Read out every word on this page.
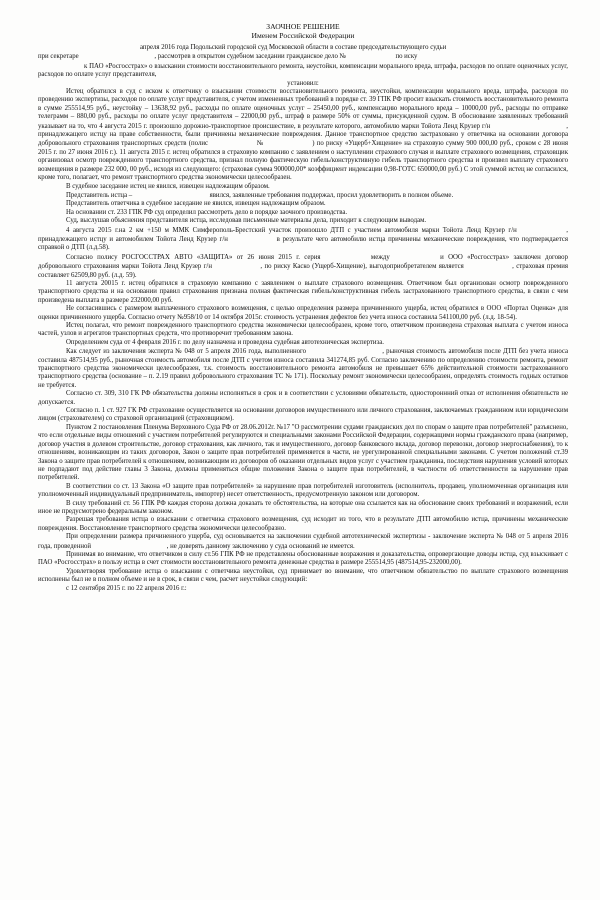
ЗАОЧНОЕ РЕШЕНИЕ
Именем Российской Федерации

апреля 2016 года Подольский городской суд Московской области в составе председательствующего судьи
при секретаре	, рассмотрев в открытом судебном заседании гражданское дело №	по иску
к ПАО «Росгосстрах» о взыскании стоимости восстановительного ремонта, неустойки, компенсации морального вреда, штрафа, расходов по оплате оценочных услуг, расходов по оплате услуг представителя,

установил:

Истец обратился в суд с иском к ответчику о взыскании стоимости восстановительного ремонта, неустойки, компенсации морального вреда, штрафа, расходов по проведению экспертизы, расходов по оплате услуг представителя, с учетом измененных требований в порядке ст. 39 ГПК РФ просит взыскать стоимость восстановительного ремонта в сумме 255514,95 руб., неустойку – 13638,92 руб., расходы по оплате оценочных услуг – 25450,00 руб., компенсацию морального вреда – 10000,00 руб., расходы по отправке телеграмм – 880,00 руб., расходы по оплате услуг представителя – 22000,00 руб., штраф в размере 50% от суммы, присужденной судом. В обоснование заявленных требований указывает на то, что 4 августа 2015 г. произошло дорожно-транспортное происшествие, в результате которого, автомобилю марки Тойота Ленд Крузер г/н	, принадлежащего истцу на праве собственности, были причинены механические повреждения. Данное транспортное средство застраховано у ответчика на основании договора добровольного страхования транспортных средств (полис	№	) по риску «Ущерб+Хищение» на страховую сумму 900 000,00 руб., сроком с 28 июня 2015 г. по 27 июня 2016 г.). 11 августа 2015 г. истец обратился в страховую компанию с заявлением о наступлении страхового случая и выплате страхового возмещения, страховщик организовал осмотр поврежденного транспортного средства, признал полную фактическую гибель/конструктивную гибель транспортного средства и произвел выплату страхового возмещения в размере 232 000, 00 руб., исходя из следующего: (страховая сумма 900000,00* коэффициент индексации 0,98-ГОТС 650000,00 руб.) С этой суммой истец не согласился, кроме того, полагает, что ремонт транспортного средства экономически целесообразен.

В судебное заседание истец не явился, извещен надлежащим образом.

Представитель истца –	явился, заявленные требования поддержал, просил удовлетворить в полном объеме.

Представитель ответчика в судебное заседание не явился, извещен надлежащим образом.

На основании ст. 233 ГПК РФ суд определил рассмотреть дело в порядке заочного производства.

Суд, выслушав объяснения представителя истца, исследовав письменные материалы дела, приходит к следующим выводам.

4 августа 2015 г.на 2 км +150 м ММК Симферополь-Брестский участок произошло ДТП с участием автомобиля марки Тойота Ленд Крузер г/н	, принадлежащего истцу и автомобилем Тойота Ленд Крузер г/н	в результате чего автомобилю истца причинены механические повреждения, что подтверждается справкой о ДТП (л.д.58).

Согласно полису РОСГОССТРАХ АВТО «ЗАЩИТА» от 26 июня 2015 г. серия	между	и ООО «Росгосстрах» заключен договор добровольного страхования марки Тойота Ленд Крузер г/н	, по риску Каско (Ущерб-Хищение), выгодоприобретателем является	, страховая премия составляет 62509,80 руб. (л.д. 59).

11 августа 20015 г. истец обратился в страховую компанию с заявлением о выплате страхового возмещения. Ответчиком был организован осмотр поврежденного транспортного средства и на основании правил страхования признана полная фактическая гибель/конструктивная гибель застрахованного транспортного средства, в связи с чем произведена выплата в размере 232000,00 руб.

Не согласившись с размером выплаченного страхового возмещения, с целью определения размера причиненного ущерба, истец обратился в ООО «Портал Оценка» для оценки причиненного ущерба. Согласно отчету №958/10 от 14 октября 2015г. стоимость устранения дефектов без учета износа составила 541100,00 руб. (л.д. 18-54).

Истец полагал, что ремонт поврежденного транспортного средства экономически целесообразен, кроме того, ответчиком произведена страховая выплата с учетом износа частей, узлов и агрегатов транспортных средств, что противоречит требованиям закона.

Определением суда от 4 февраля 2016 г. по делу назначена и проведена судебная автотехническая экспертиза.

Как следует из заключения эксперта № 048 от 5 апреля 2016 года, выполненного	, рыночная стоимость автомобиля после ДТП без учета износа составила 487514,95 руб., рыночная стоимость автомобиля после ДТП с учетом износа составила 341274,85 руб. Согласно заключению по определению стоимости ремонта, ремонт транспортного средства экономически целесообразен, т.к. стоимость восстановительного ремонта автомобиля не превышает 65% действительной стоимости застрахованного транспортного средства (основание – п. 2.19 правил добровольного страхования ТС № 171). Поскольку ремонт экономически целесообразен, определять стоимость годных остатков не требуется.

Согласно ст. 309, 310 ГК РФ обязательства должны исполняться в срок и в соответствии с условиями обязательств, одностороннний отказ от исполнения обязательств не допускается.

Согласно п. 1 ст. 927 ГК РФ страхование осуществляется на основании договоров имущественного или личного страхования, заключаемых гражданином или юридическим лицом (страхователем) со страховой организацией (страховщиком).

Пунктом 2 постановления Пленума Верховного Суда РФ от 28.06.2012г. №17 "О рассмотрении судами гражданских дел по спорам о защите прав потребителей" разъяснено, что если отдельные виды отношений с участием потребителей регулируются и специальными законами Российской Федерации, содержащими нормы гражданского права (например, договор участия в долевом строительстве, договор страхования, как личного, так и имущественного, договор банковского вклада, договор перевозки, договор энергоснабжения), то к отношениям, возникающим из таких договоров, Закон о защите прав потребителей применяется в части, не урегулированной специальными законами. С учетом положений ст.39 Закона о защите прав потребителей к отношениям, возникающим из договоров об оказании отдельных видов услуг с участием гражданина, последствия нарушения условий которых не подпадают под действие главы 3 Закона, должны применяться общие положения Закона о защите прав потребителей, в частности об ответственности за нарушение прав потребителей.

В соответствии со ст. 13 Закона «О защите прав потребителей» за нарушение прав потребителей изготовитель (исполнитель, продавец, уполномоченная организация или уполномоченный индивидуальный предприниматель, импортер) несет ответственность, предусмотренную законом или договором.

В силу требований ст. 56 ГПК РФ каждая сторона должна доказать те обстоятельства, на которые она ссылается как на обоснование своих требований и возражений, если иное не предусмотрено федеральным законом.

Разрешая требования истца о взыскании с ответчика страхового возмещения, суд исходит из того, что в результате ДТП автомобилю истца, причинены механические повреждения. Восстановление транспортного средства экономически целесообразно.

При определении размера причиненного ущерба, суд основывается на заключении судебной автотехнической экспертизы - заключение эксперта № 048 от 5 апреля 2016 года, проведенной	, не доверять данному заключению у суда оснований не имеется.

Принимая во внимание, что ответчиком в силу ст.56 ГПК РФ не представлены обоснованные возражения и доказательства, опровергающие доводы истца, суд взыскивает с ПАО «Росгосстрах» в пользу истца в счет стоимости восстановительного ремонта денежные средства в размере 255514,95 (487514,95-232000,00).

Удовлетворяя требование истца о взыскании с ответчика неустойки, суд принимает во внимание, что ответчиком обязательство по выплате страхового возмещения исполнены был не в полном объеме и не в срок, в связи с чем, расчет неустойки следующий:

с 12 сентября 2015 г. по 22 апреля 2016 г.:
